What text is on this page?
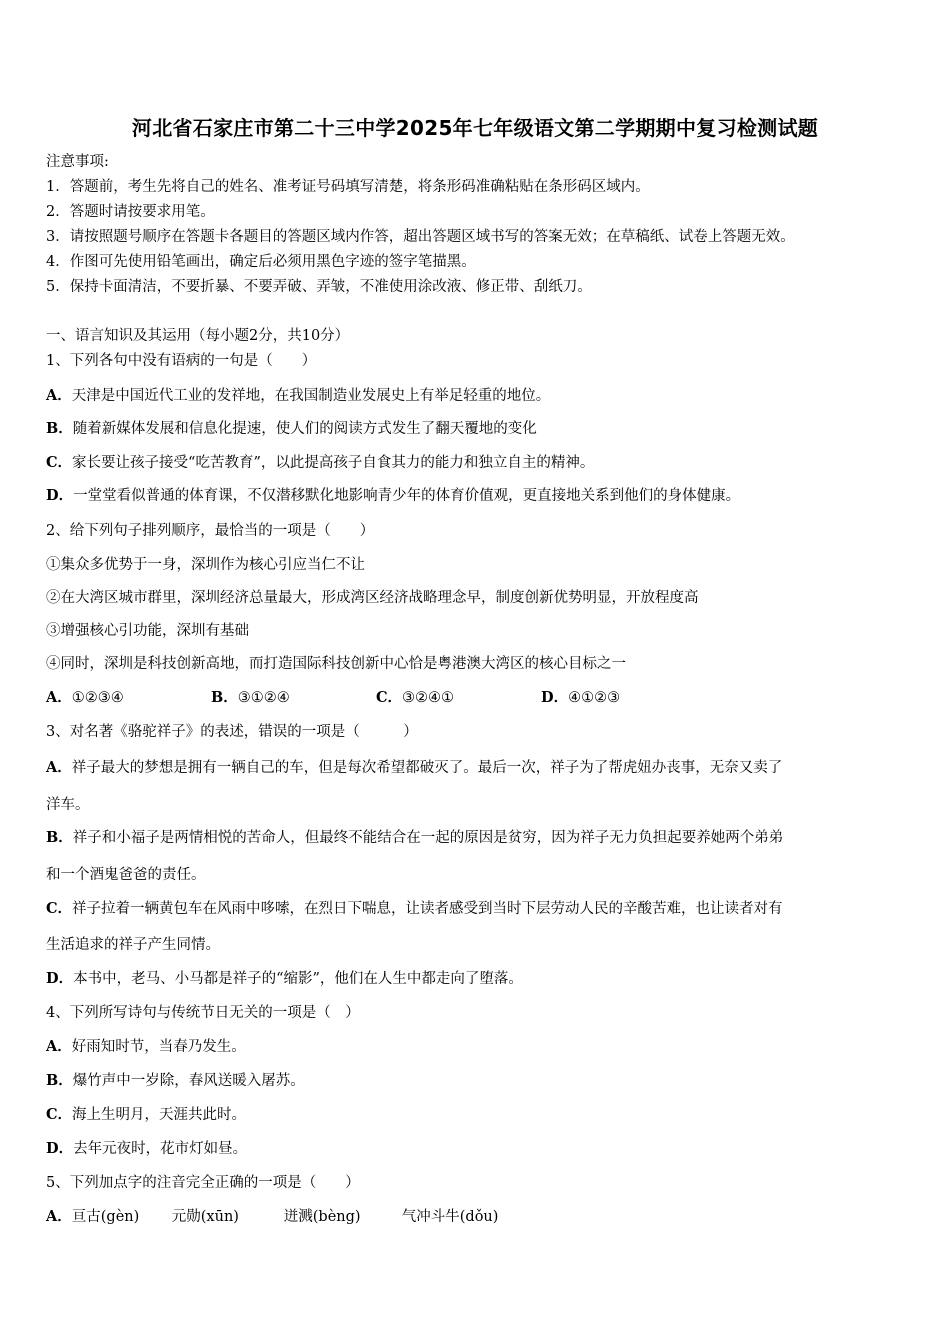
河北省石家庄市第二十三中学2025年七年级语文第二学期期中复习检测试题
注意事项:
1．答题前，考生先将自己的姓名、准考证号码填写清楚，将条形码准确粘贴在条形码区域内。
2．答题时请按要求用笔。
3．请按照题号顺序在答题卡各题目的答题区域内作答，超出答题区域书写的答案无效；在草稿纸、试卷上答题无效。
4．作图可先使用铅笔画出，确定后必须用黑色字迹的签字笔描黑。
5．保持卡面清洁，不要折暴、不要弄破、弄皱，不准使用涂改液、修正带、刮纸刀。
一、语言知识及其运用（每小题2分，共10分）
1、下列各句中没有语病的一句是（　　）
A．天津是中国近代工业的发祥地，在我国制造业发展史上有举足轻重的地位。
B．随着新媒体发展和信息化提速，使人们的阅读方式发生了翻天覆地的变化
C．家长要让孩子接受“吃苦教育”，以此提高孩子自食其力的能力和独立自主的精神。
D．一堂堂看似普通的体育课，不仅潜移默化地影响青少年的体育价值观，更直接地关系到他们的身体健康。
2、给下列句子排列顺序，最恰当的一项是（　　）
①集众多优势于一身，深圳作为核心引应当仁不让
②在大湾区城市群里，深圳经济总量最大，形成湾区经济战略理念早，制度创新优势明显，开放程度高
③增强核心引功能，深圳有基础
④同时，深圳是科技创新高地，而打造国际科技创新中心恰是粤港澳大湾区的核心目标之一
A．①②③④	B．③①②④	C．③②④①	D．④①②③
3、对名著《骆驼祥子》的表述，错误的一项是（　　　）
A．祥子最大的梦想是拥有一辆自己的车，但是每次希望都破灭了。最后一次，祥子为了帮虎妞办丧事，无奈又卖了
洋车。
B．祥子和小福子是两情相悦的苦命人，但最终不能结合在一起的原因是贫穷，因为祥子无力负担起要养她两个弟弟
和一个酒鬼爸爸的责任。
C．祥子拉着一辆黄包车在风雨中哆嗦，在烈日下喘息，让读者感受到当时下层劳动人民的辛酸苦难，也让读者对有
生活追求的祥子产生同情。
D．本书中，老马、小马都是祥子的“缩影”，他们在人生中都走向了堕落。
4、下列所写诗句与传统节日无关的一项是（　）
A．好雨知时节，当春乃发生。
B．爆竹声中一岁除，春风送暖入屠苏。
C．海上生明月，天涯共此时。
D．去年元夜时，花市灯如昼。
5、下列加点字的注音完全正确的一项是（　　）
A．亘古(gèn) 元勋(xūn)	迸溅(bèng)	气冲斗牛(dǒu)
